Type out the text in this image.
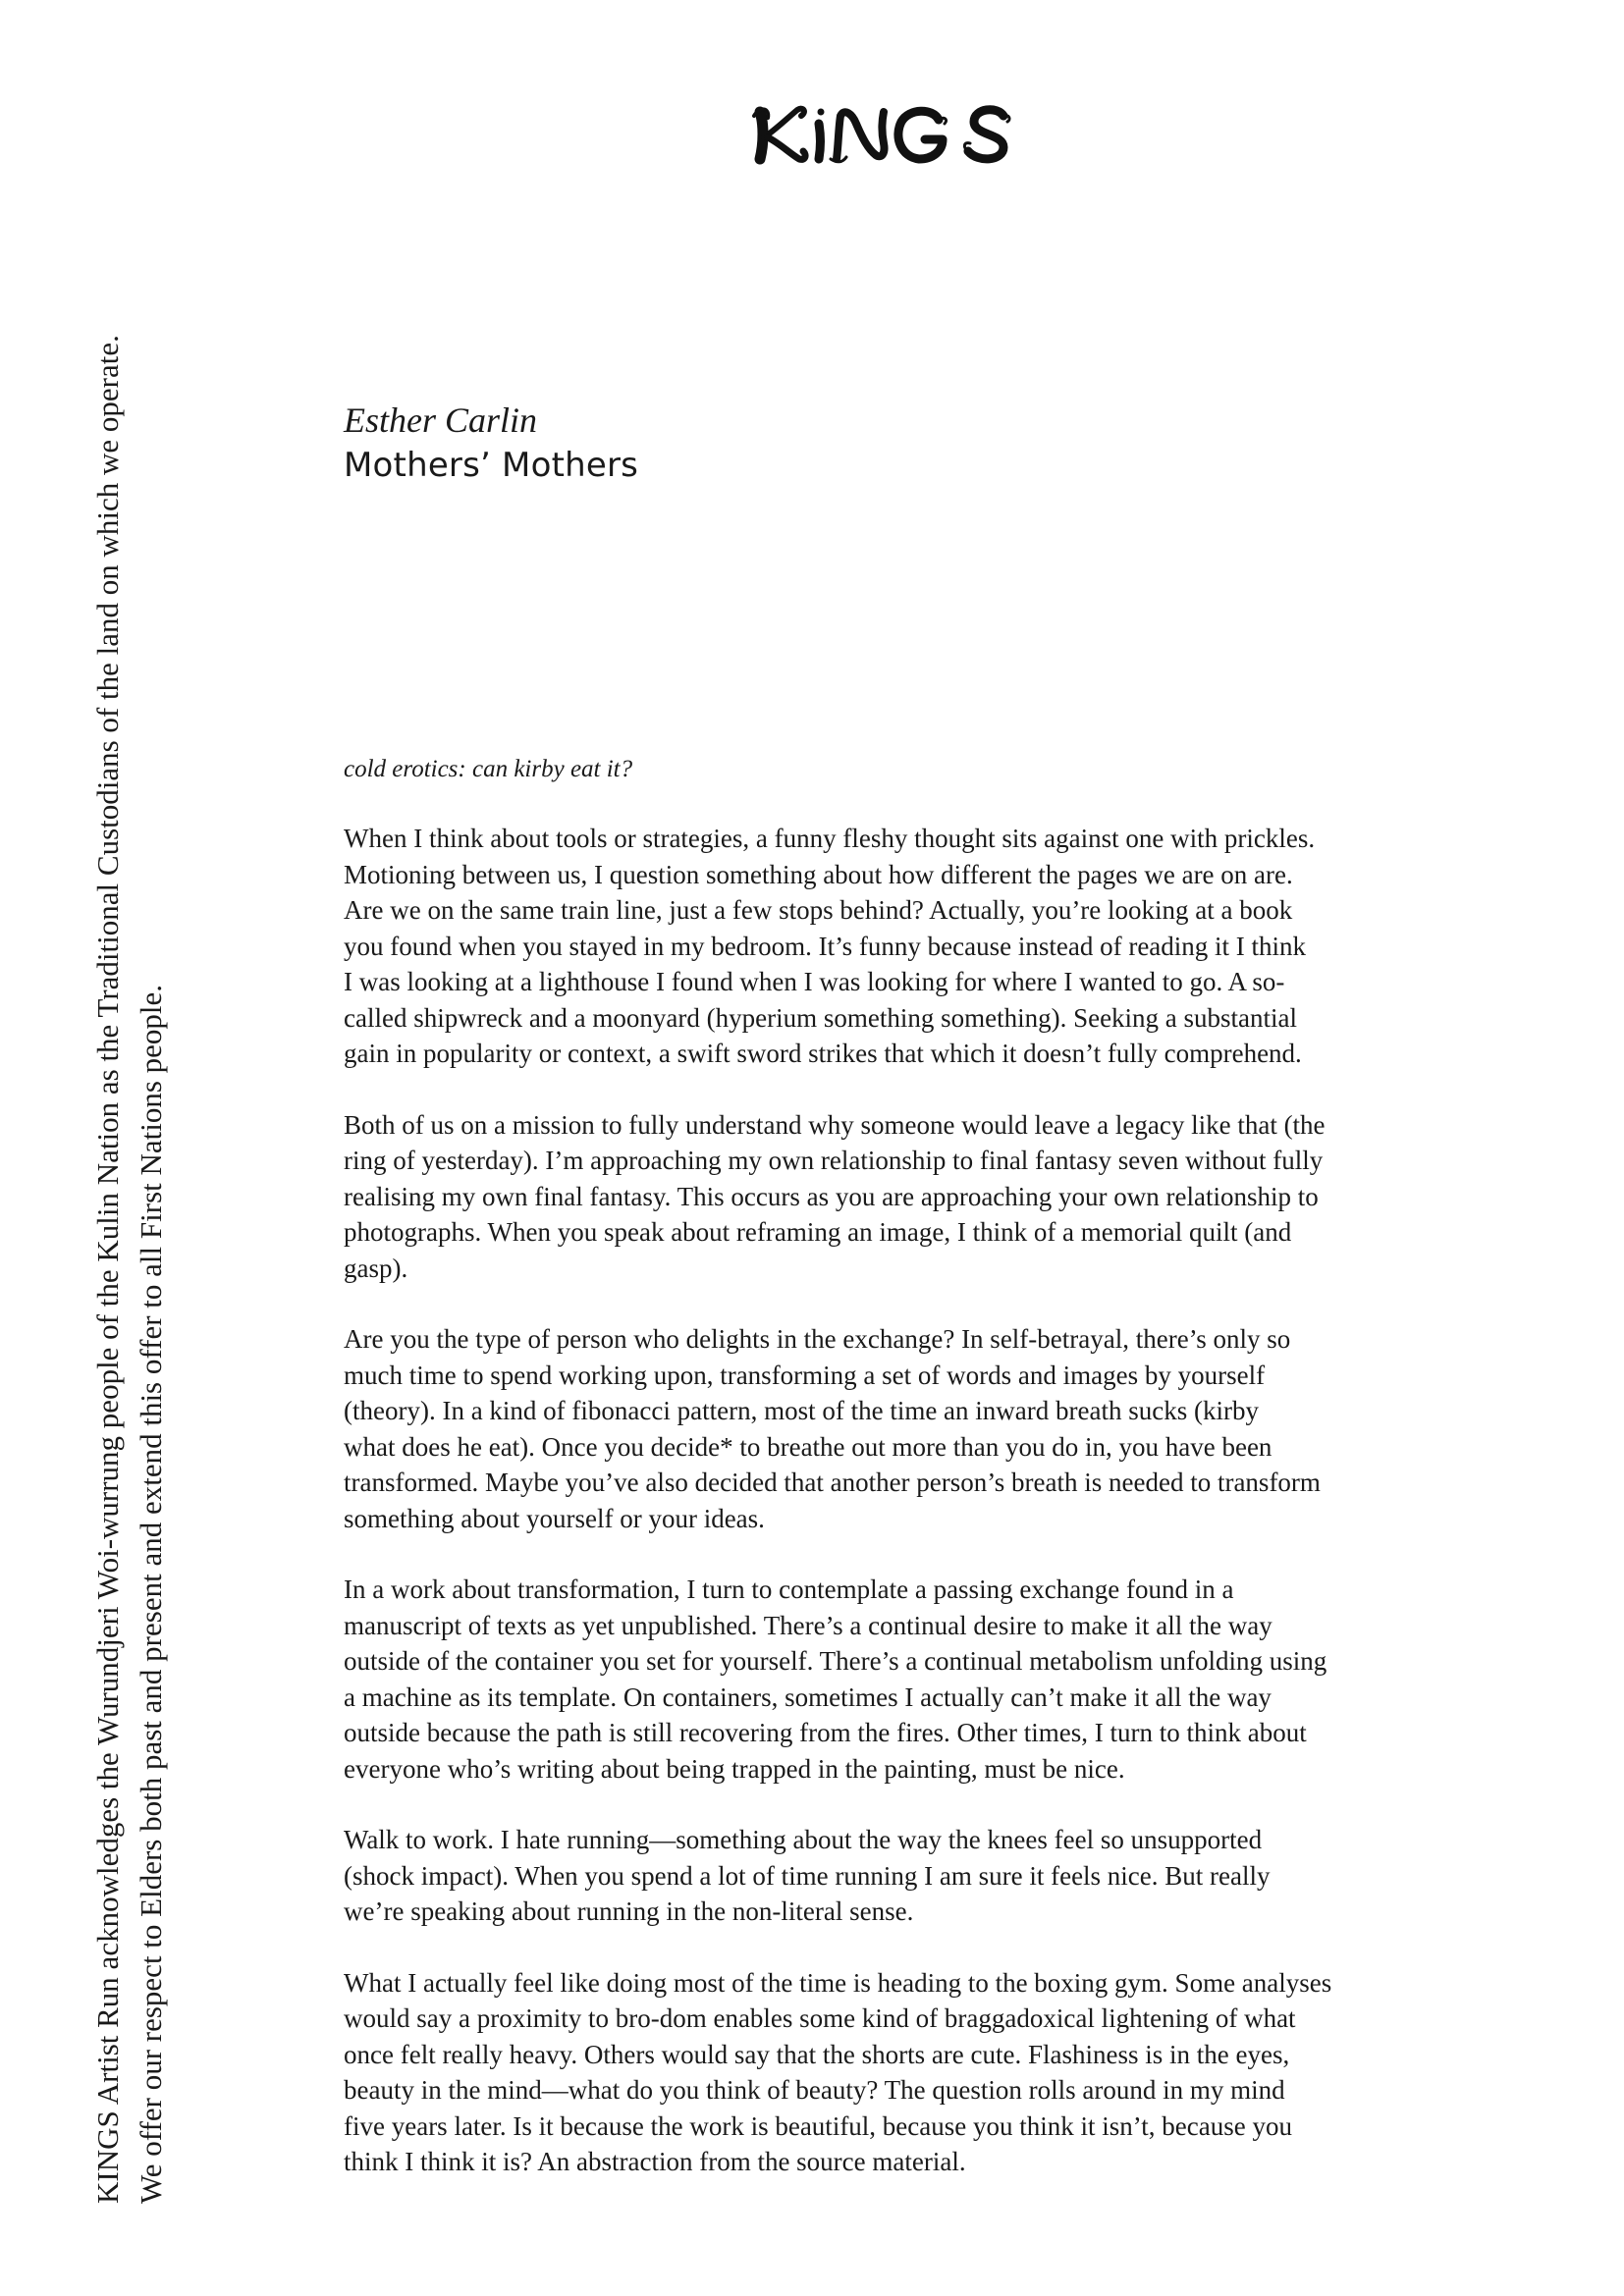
KINGS Artist Run acknowledges the Wurundjeri Woi-wurrung people of the Kulin Nation as the Traditional Custodians of the land on which we operate. We offer our respect to Elders both past and present and extend this offer to all First Nations people.
Esther Carlin
Mothers’ Mothers

cold erotics: can kirby eat it?

When I think about tools or strategies, a funny fleshy thought sits against one with prickles.
Motioning between us, I question something about how different the pages we are on are.
Are we on the same train line, just a few stops behind? Actually, you’re looking at a book
you found when you stayed in my bedroom. It’s funny because instead of reading it I think
I was looking at a lighthouse I found when I was looking for where I wanted to go. A so-
called shipwreck and a moonyard (hyperium something something). Seeking a substantial
gain in popularity or context, a swift sword strikes that which it doesn’t fully comprehend.

Both of us on a mission to fully understand why someone would leave a legacy like that (the
ring of yesterday). I’m approaching my own relationship to final fantasy seven without fully
realising my own final fantasy. This occurs as you are approaching your own relationship to
photographs. When you speak about reframing an image, I think of a memorial quilt (and
gasp).

Are you the type of person who delights in the exchange? In self-betrayal, there’s only so
much time to spend working upon, transforming a set of words and images by yourself
(theory). In a kind of fibonacci pattern, most of the time an inward breath sucks (kirby
what does he eat). Once you decide* to breathe out more than you do in, you have been
transformed. Maybe you’ve also decided that another person’s breath is needed to transform
something about yourself or your ideas.

In a work about transformation, I turn to contemplate a passing exchange found in a
manuscript of texts as yet unpublished. There’s a continual desire to make it all the way
outside of the container you set for yourself. There’s a continual metabolism unfolding using
a machine as its template. On containers, sometimes I actually can’t make it all the way
outside because the path is still recovering from the fires. Other times, I turn to think about
everyone who’s writing about being trapped in the painting, must be nice.

Walk to work. I hate running—something about the way the knees feel so unsupported
(shock impact). When you spend a lot of time running I am sure it feels nice. But really
we’re speaking about running in the non-literal sense.

What I actually feel like doing most of the time is heading to the boxing gym. Some analyses
would say a proximity to bro-dom enables some kind of braggadoxical lightening of what
once felt really heavy. Others would say that the shorts are cute. Flashiness is in the eyes,
beauty in the mind—what do you think of beauty? The question rolls around in my mind
five years later. Is it because the work is beautiful, because you think it isn’t, because you
think I think it is? An abstraction from the source material.
